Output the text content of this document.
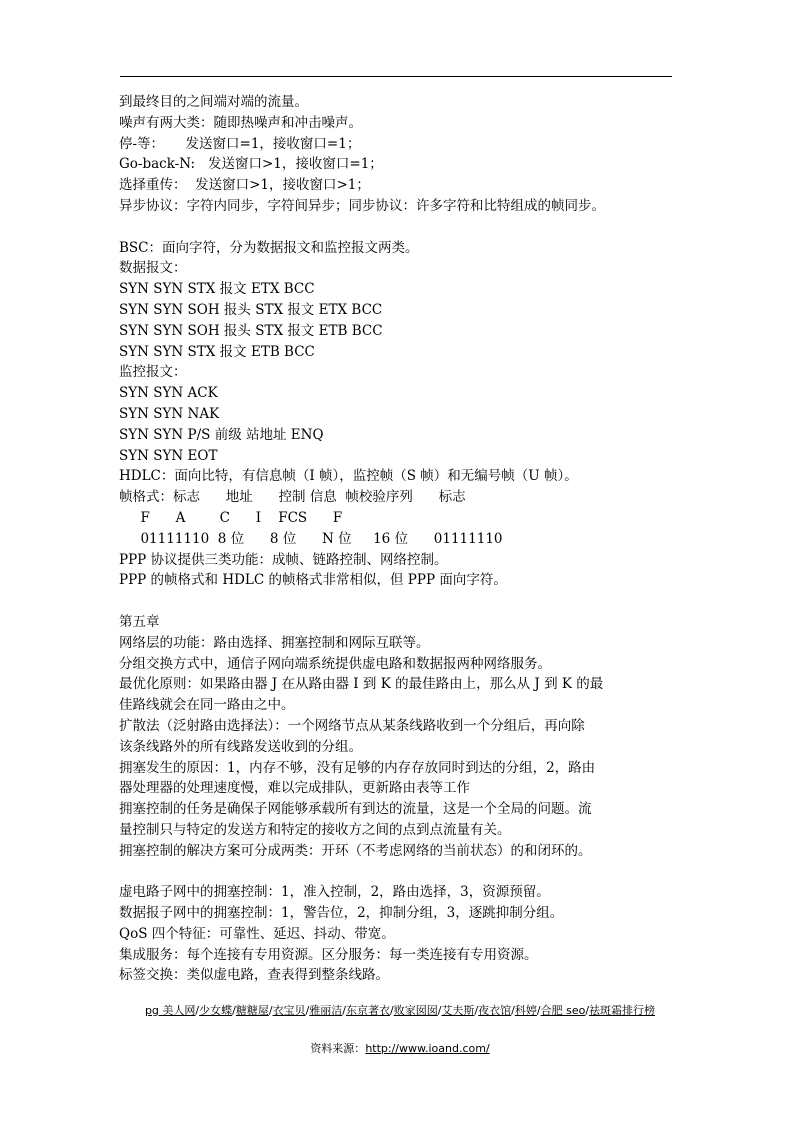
到最终目的之间端对端的流量。
噪声有两大类：随即热噪声和冲击噪声。
停-等：     发送窗口=1，接收窗口=1；
Go-back-N:   发送窗口>1，接收窗口=1；
选择重传：  发送窗口>1，接收窗口>1；
异步协议：字符内同步，字符间异步；同步协议：许多字符和比特组成的帧同步。
BSC：面向字符，分为数据报文和监控报文两类。
数据报文：
SYN SYN STX 报文 ETX BCC
SYN SYN SOH 报头 STX 报文 ETX BCC
SYN SYN SOH 报头 STX 报文 ETB BCC
SYN SYN STX 报文 ETB BCC
监控报文：
SYN SYN ACK
SYN SYN NAK
SYN SYN P/S 前级 站地址 ENQ
SYN SYN EOT
HDLC：面向比特，有信息帧（I 帧），监控帧（S 帧）和无编号帧（U 帧）。
帧格式：标志      地址      控制 信息  帧校验序列      标志
F      A        C      I    FCS      F
01111110  8 位      8 位      N 位     16 位      01111110
PPP 协议提供三类功能：成帧、链路控制、网络控制。
PPP 的帧格式和 HDLC 的帧格式非常相似，但 PPP 面向字符。
第五章
网络层的功能：路由选择、拥塞控制和网际互联等。
分组交换方式中，通信子网向端系统提供虚电路和数据报两种网络服务。
最优化原则：如果路由器 J 在从路由器 I 到 K 的最佳路由上，那么从 J 到 K 的最
佳路线就会在同一路由之中。
扩散法（泛射路由选择法）：一个网络节点从某条线路收到一个分组后，再向除
该条线路外的所有线路发送收到的分组。
拥塞发生的原因：1，内存不够，没有足够的内存存放同时到达的分组，2，路由
器处理器的处理速度慢，难以完成排队，更新路由表等工作
拥塞控制的任务是确保子网能够承载所有到达的流量，这是一个全局的问题。流
量控制只与特定的发送方和特定的接收方之间的点到点流量有关。
拥塞控制的解决方案可分成两类：开环（不考虑网络的当前状态）的和闭环的。
虚电路子网中的拥塞控制：1，准入控制，2，路由选择，3，资源预留。
数据报子网中的拥塞控制：1，警告位，2，抑制分组，3，逐跳抑制分组。
QoS 四个特征：可靠性、延迟、抖动、带宽。
集成服务：每个连接有专用资源。区分服务：每一类连接有专用资源。
标签交换：类似虚电路，查表得到整条线路。
pg 美人网/少女蝶/糖糖屋/衣宝贝/雅丽洁/东京著衣/败家囡囡/艾夫斯/夜衣馆/科婷/合肥 seo/祛斑霜排行榜
资料来源：http://www.ioand.com/
